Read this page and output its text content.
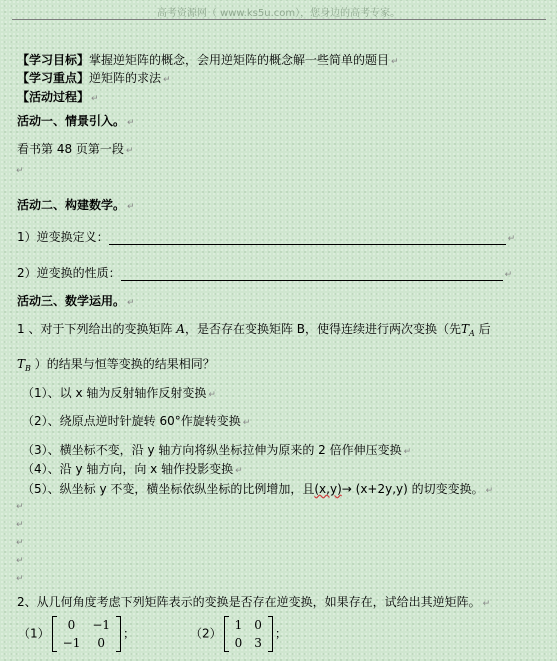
高考资源网（ www.ks5u.com），您身边的高考专家。
【学习目标】掌握逆矩阵的概念，会用逆矩阵的概念解一些简单的题目 ↵
【学习重点】逆矩阵的求法 ↵
【活动过程】 ↵
活动一、情景引入。 ↵
看书第 48 页第一段 ↵
↵
活动二、构建数学。 ↵
1）逆变换定义：	↵
2）逆变换的性质：	↵
活动三、数学运用。 ↵
1 、对于下列给出的变换矩阵 A，是否存在变换矩阵 B，使得连续进行两次变换（先$T_A$ 后
$T_B$ ）的结果与恒等变换的结果相同？
（1）、以 x 轴为反射轴作反射变换 ↵
（2）、绕原点逆时针旋转 60°作旋转变换 ↵
（3）、横坐标不变，沿 y 轴方向将纵坐标拉伸为原来的 2 倍作伸压变换 ↵
（4）、沿 y 轴方向，向 x 轴作投影变换 ↵
（5）、纵坐标 y 不变，横坐标依纵坐标的比例增加，且(x,y)→ (x+2y,y) 的切变变换。 ↵
↵
↵
↵
↵
↵
2、从几何角度考虑下列矩阵表示的变换是否存在逆变换，如果存在，试给出其逆矩阵。 ↵
（1）
0	−1
−1	0
；	（2）
1	0
0	3
；
